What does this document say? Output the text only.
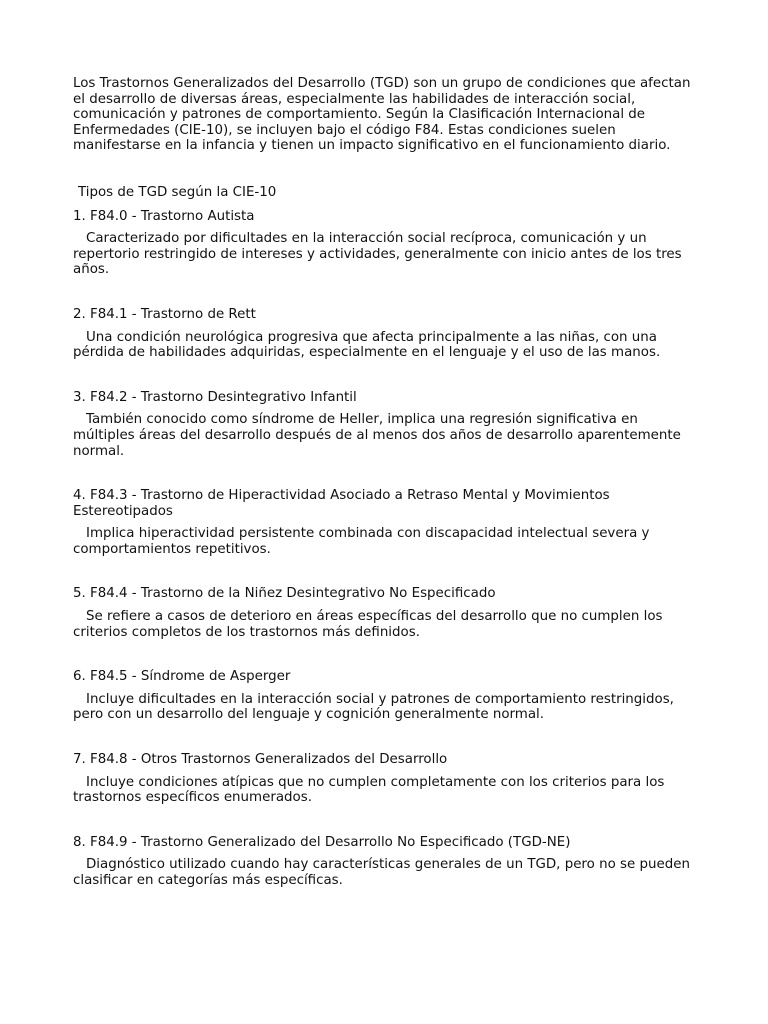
Los Trastornos Generalizados del Desarrollo (TGD) son un grupo de condiciones que afectan el desarrollo de diversas áreas, especialmente las habilidades de interacción social, comunicación y patrones de comportamiento. Según la Clasificación Internacional de Enfermedades (CIE-10), se incluyen bajo el código F84. Estas condiciones suelen manifestarse en la infancia y tienen un impacto significativo en el funcionamiento diario.

Tipos de TGD según la CIE-10

1. F84.0 - Trastorno Autista

Caracterizado por dificultades en la interacción social recíproca, comunicación y un repertorio restringido de intereses y actividades, generalmente con inicio antes de los tres años.

2. F84.1 - Trastorno de Rett

Una condición neurológica progresiva que afecta principalmente a las niñas, con una pérdida de habilidades adquiridas, especialmente en el lenguaje y el uso de las manos.

3. F84.2 - Trastorno Desintegrativo Infantil

También conocido como síndrome de Heller, implica una regresión significativa en múltiples áreas del desarrollo después de al menos dos años de desarrollo aparentemente normal.

4. F84.3 - Trastorno de Hiperactividad Asociado a Retraso Mental y Movimientos Estereotipados

Implica hiperactividad persistente combinada con discapacidad intelectual severa y comportamientos repetitivos.

5. F84.4 - Trastorno de la Niñez Desintegrativo No Especificado

Se refiere a casos de deterioro en áreas específicas del desarrollo que no cumplen los criterios completos de los trastornos más definidos.

6. F84.5 - Síndrome de Asperger

Incluye dificultades en la interacción social y patrones de comportamiento restringidos, pero con un desarrollo del lenguaje y cognición generalmente normal.

7. F84.8 - Otros Trastornos Generalizados del Desarrollo

Incluye condiciones atípicas que no cumplen completamente con los criterios para los trastornos específicos enumerados.

8. F84.9 - Trastorno Generalizado del Desarrollo No Especificado (TGD-NE)

Diagnóstico utilizado cuando hay características generales de un TGD, pero no se pueden clasificar en categorías más específicas.
